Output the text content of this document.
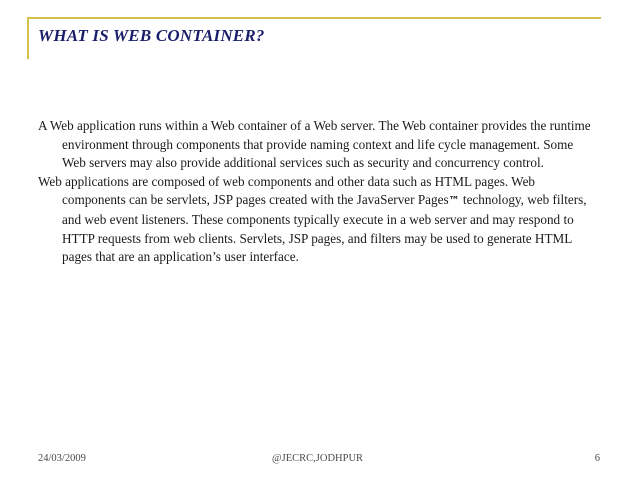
WHAT IS WEB CONTAINER?

A Web application runs within a Web container of a Web server. The Web container provides the runtime environment through components that provide naming context and life cycle management. Some Web servers may also provide additional services such as security and concurrency control.

Web applications are composed of web components and other data such as HTML pages. Web components can be servlets, JSP pages created with the JavaServer Pages™ technology, web filters, and web event listeners. These components typically execute in a web server and may respond to HTTP requests from web clients. Servlets, JSP pages, and filters may be used to generate HTML pages that are an application’s user interface.

24/03/2009	@JECRC,JODHPUR	6
